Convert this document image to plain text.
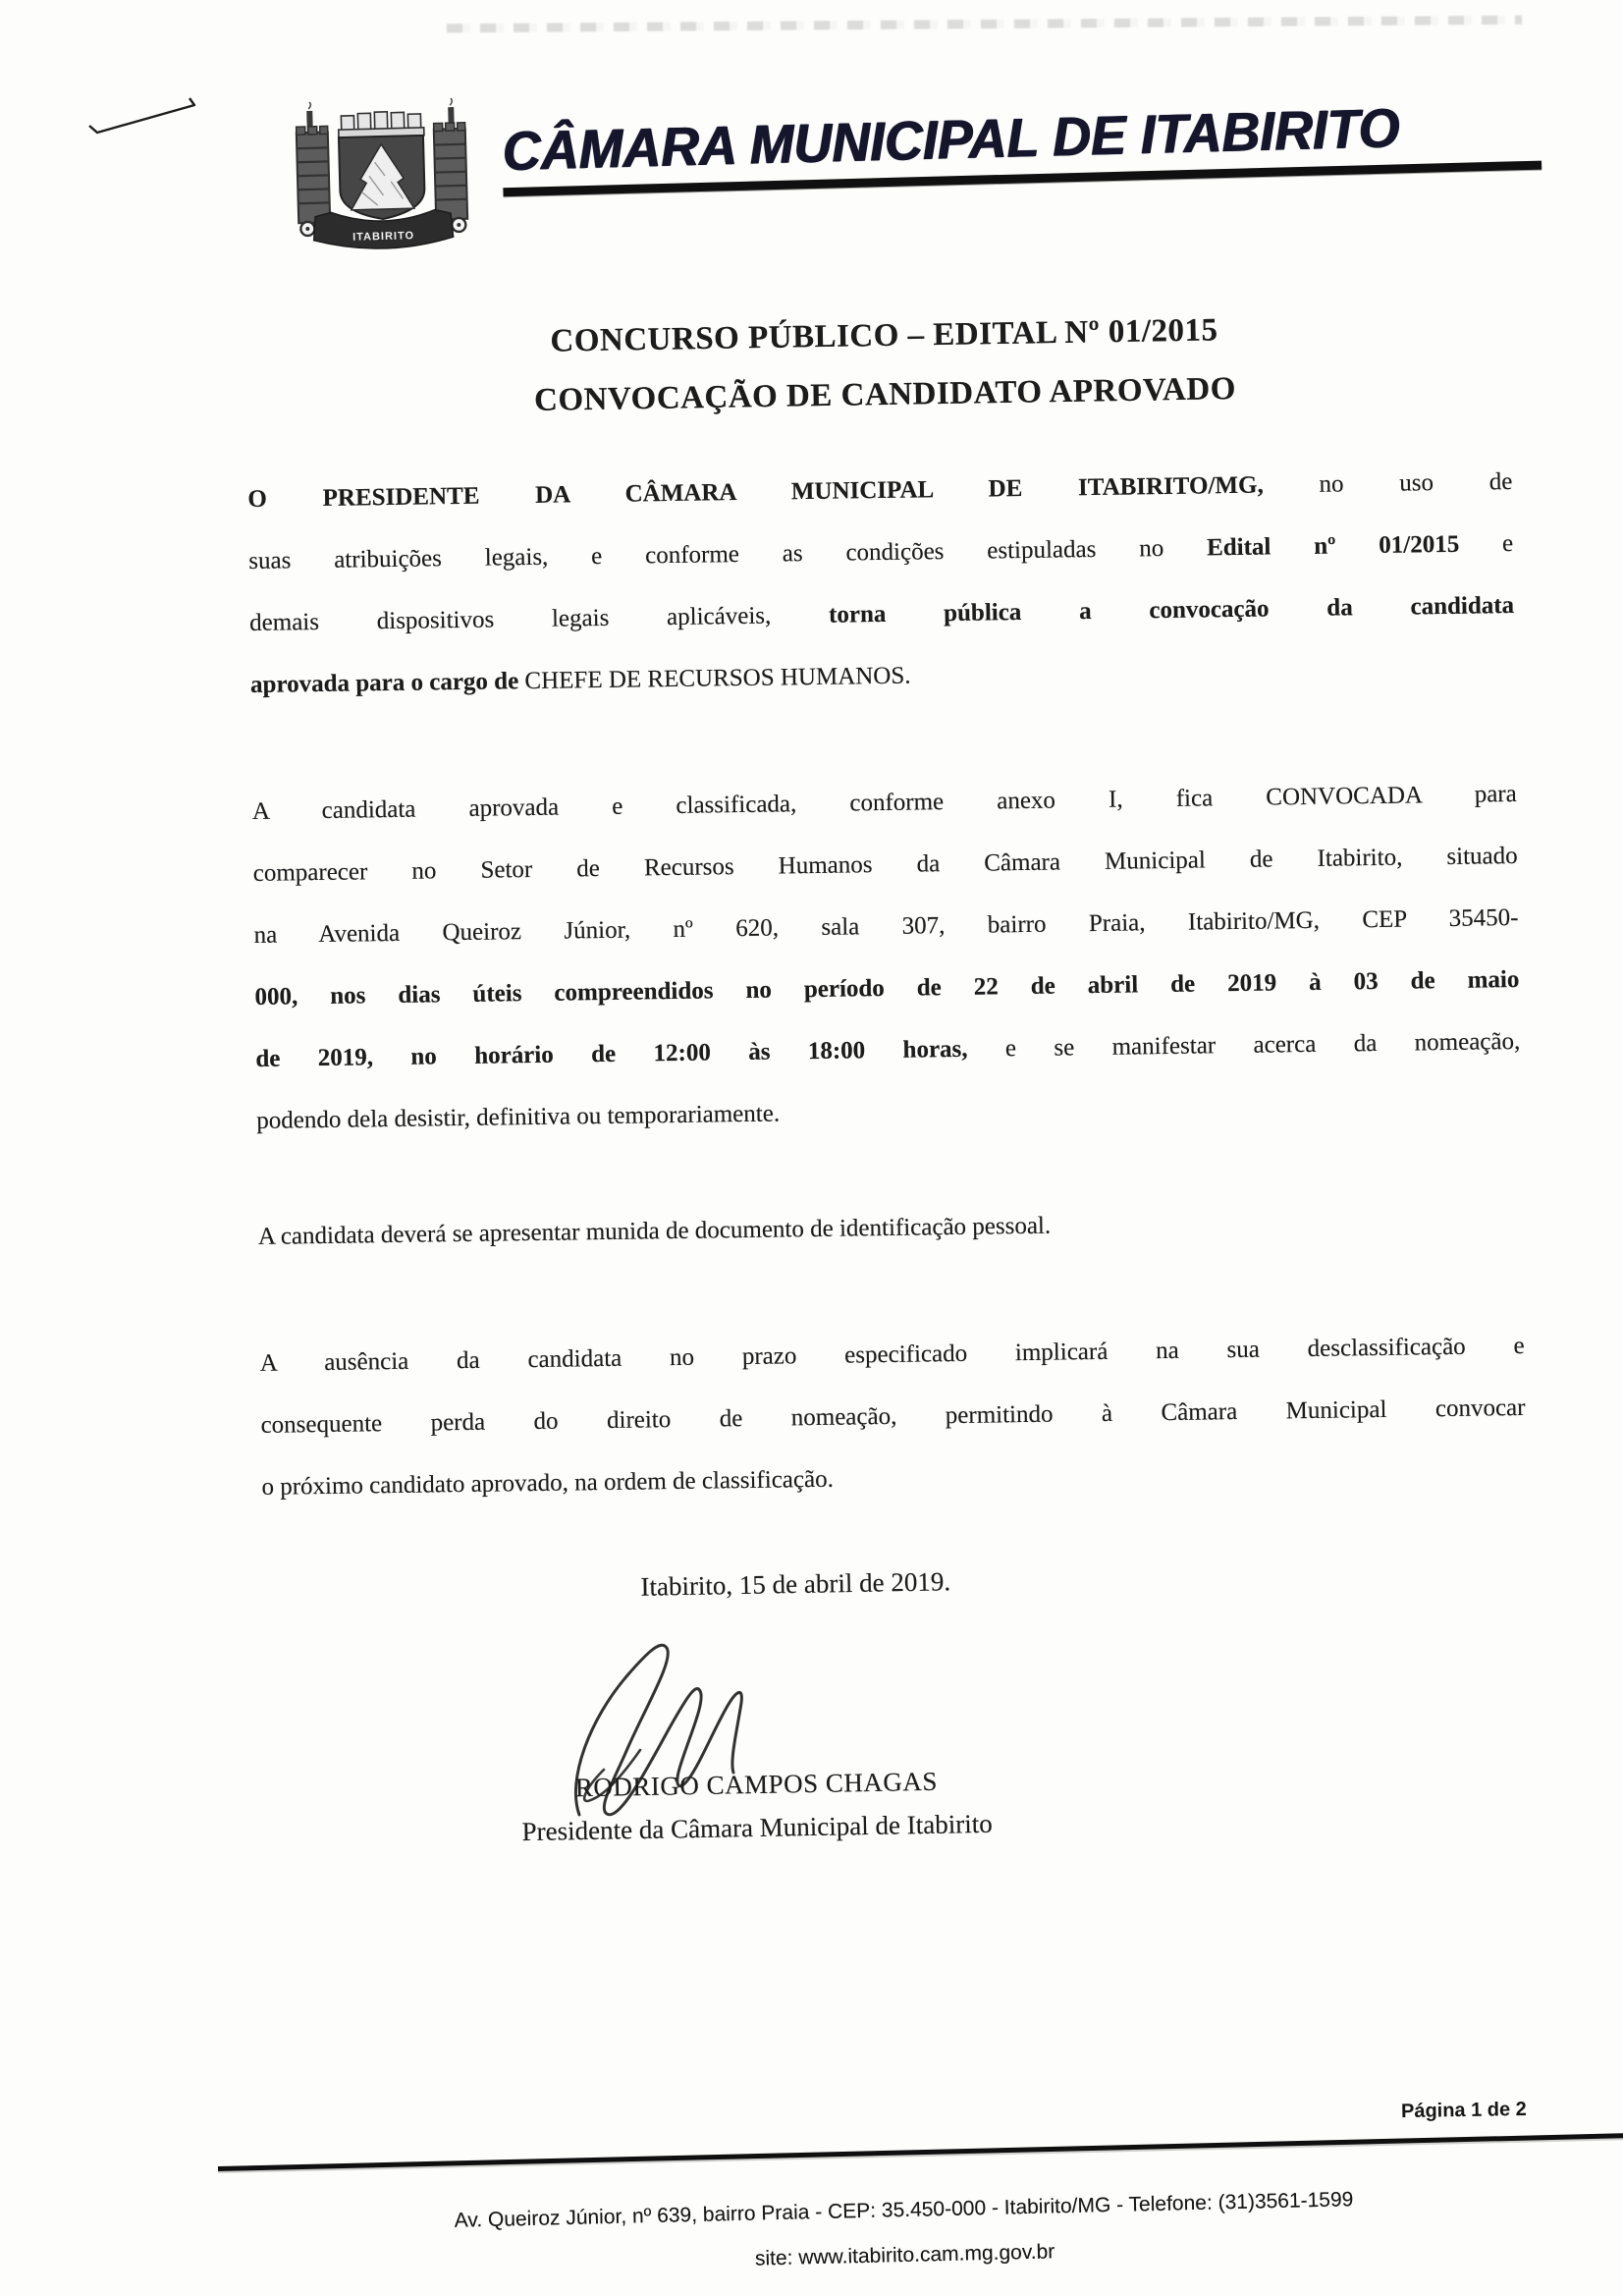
ITABIRITO
CÂMARA MUNICIPAL DE ITABIRITO
CONCURSO PÚBLICO – EDITAL Nº 01/2015
CONVOCAÇÃO DE CANDIDATO APROVADO
O PRESIDENTE DA CÂMARA MUNICIPAL DE ITABIRITO/MG, no uso de
suas atribuições legais, e conforme as condições estipuladas no Edital nº 01/2015 e
demais dispositivos legais aplicáveis, torna pública a convocação da candidata
aprovada para o cargo de CHEFE DE RECURSOS HUMANOS.
A candidata aprovada e classificada, conforme anexo I, fica CONVOCADA para
comparecer no Setor de Recursos Humanos da Câmara Municipal de Itabirito, situado
na Avenida Queiroz Júnior, nº 620, sala 307, bairro Praia, Itabirito/MG, CEP 35450-
000, nos dias úteis compreendidos no período de 22 de abril de 2019 à 03 de maio
de 2019, no horário de 12:00 às 18:00 horas, e se manifestar acerca da nomeação,
podendo dela desistir, definitiva ou temporariamente.
A candidata deverá se apresentar munida de documento de identificação pessoal.
A ausência da candidata no prazo especificado implicará na sua desclassificação e
consequente perda do direito de nomeação, permitindo à Câmara Municipal convocar
o próximo candidato aprovado, na ordem de classificação.
Itabirito, 15 de abril de 2019.
RODRIGO CAMPOS CHAGAS
Presidente da Câmara Municipal de Itabirito
Página 1 de 2
Av. Queiroz Júnior, nº 639, bairro Praia - CEP: 35.450-000 - Itabirito/MG - Telefone: (31)3561-1599
site: www.itabirito.cam.mg.gov.br
